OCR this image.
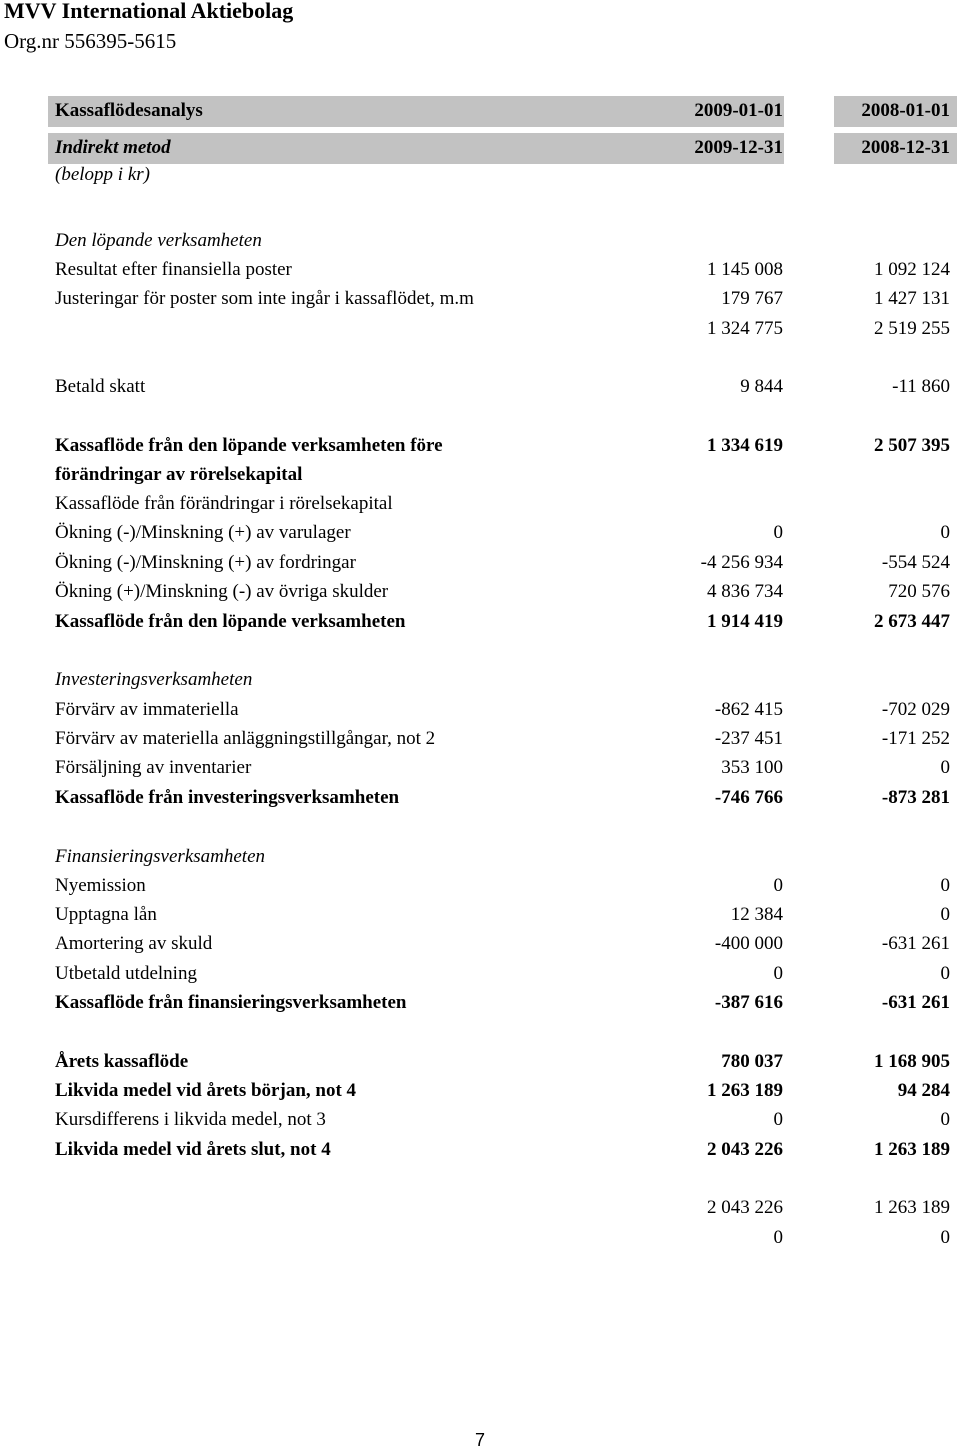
MVV International Aktiebolag
Org.nr 556395-5615
Kassaflödesanalys	2009-01-01	2008-01-01
Indirekt metod	2009-12-31	2008-12-31
(belopp i kr)
Den löpande verksamheten
Resultat efter finansiella poster	1 145 008	1 092 124
Justeringar för poster som inte ingår i kassaflödet, m.m	179 767	1 427 131
1 324 775	2 519 255
Betald skatt	9 844	-11 860
Kassaflöde från den löpande verksamheten före	1 334 619	2 507 395
förändringar av rörelsekapital
Kassaflöde från förändringar i rörelsekapital
Ökning (-)/Minskning (+) av varulager	0	0
Ökning (-)/Minskning (+) av fordringar	-4 256 934	-554 524
Ökning (+)/Minskning (-) av övriga skulder	4 836 734	720 576
Kassaflöde från den löpande verksamheten	1 914 419	2 673 447
Investeringsverksamheten
Förvärv av immateriella	-862 415	-702 029
Förvärv av materiella anläggningstillgångar, not 2	-237 451	-171 252
Försäljning av inventarier	353 100	0
Kassaflöde från investeringsverksamheten	-746 766	-873 281
Finansieringsverksamheten
Nyemission	0	0
Upptagna lån	12 384	0
Amortering av skuld	-400 000	-631 261
Utbetald utdelning	0	0
Kassaflöde från finansieringsverksamheten	-387 616	-631 261
Årets kassaflöde	780 037	1 168 905
Likvida medel vid årets början, not 4	1 263 189	94 284
Kursdifferens i likvida medel, not 3	0	0
Likvida medel vid årets slut, not 4	2 043 226	1 263 189
2 043 226	1 263 189
0	0
7
